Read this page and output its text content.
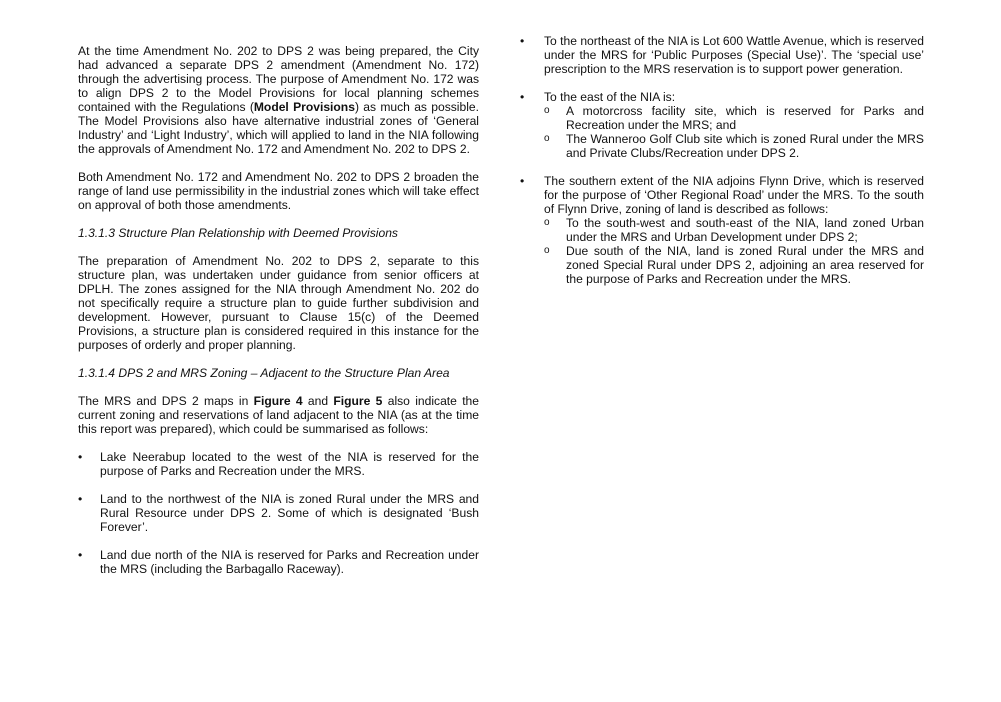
At the time Amendment No. 202 to DPS 2 was being prepared, the City had advanced a separate DPS 2 amendment (Amendment No. 172) through the advertising process. The purpose of Amendment No. 172 was to align DPS 2 to the Model Provisions for local planning schemes contained with the Regulations (Model Provisions) as much as possible. The Model Provisions also have alternative industrial zones of ‘General Industry’ and ‘Light Industry’, which will applied to land in the NIA following the approvals of Amendment No. 172 and Amendment No. 202 to DPS 2.

Both Amendment No. 172 and Amendment No. 202 to DPS 2 broaden the range of land use permissibility in the industrial zones which will take effect on approval of both those amendments.

1.3.1.3 Structure Plan Relationship with Deemed Provisions

The preparation of Amendment No. 202 to DPS 2, separate to this structure plan, was undertaken under guidance from senior officers at DPLH. The zones assigned for the NIA through Amendment No. 202 do not specifically require a structure plan to guide further subdivision and development. However, pursuant to Clause 15(c) of the Deemed Provisions, a structure plan is considered required in this instance for the purposes of orderly and proper planning.

1.3.1.4 DPS 2 and MRS Zoning – Adjacent to the Structure Plan Area

The MRS and DPS 2 maps in Figure 4 and Figure 5 also indicate the current zoning and reservations of land adjacent to the NIA (as at the time this report was prepared), which could be summarised as follows:

• Lake Neerabup located to the west of the NIA is reserved for the purpose of Parks and Recreation under the MRS.
• Land to the northwest of the NIA is zoned Rural under the MRS and Rural Resource under DPS 2. Some of which is designated ‘Bush Forever’.
• Land due north of the NIA is reserved for Parks and Recreation under the MRS (including the Barbagallo Raceway).
• To the northeast of the NIA is Lot 600 Wattle Avenue, which is reserved under the MRS for ‘Public Purposes (Special Use)’. The ‘special use’ prescription to the MRS reservation is to support power generation.
• To the east of the NIA is:
o A motorcross facility site, which is reserved for Parks and Recreation under the MRS; and
o The Wanneroo Golf Club site which is zoned Rural under the MRS and Private Clubs/Recreation under DPS 2.
• The southern extent of the NIA adjoins Flynn Drive, which is reserved for the purpose of ‘Other Regional Road’ under the MRS. To the south of Flynn Drive, zoning of land is described as follows:
o To the south-west and south-east of the NIA, land zoned Urban under the MRS and Urban Development under DPS 2;
o Due south of the NIA, land is zoned Rural under the MRS and zoned Special Rural under DPS 2, adjoining an area reserved for the purpose of Parks and Recreation under the MRS.
